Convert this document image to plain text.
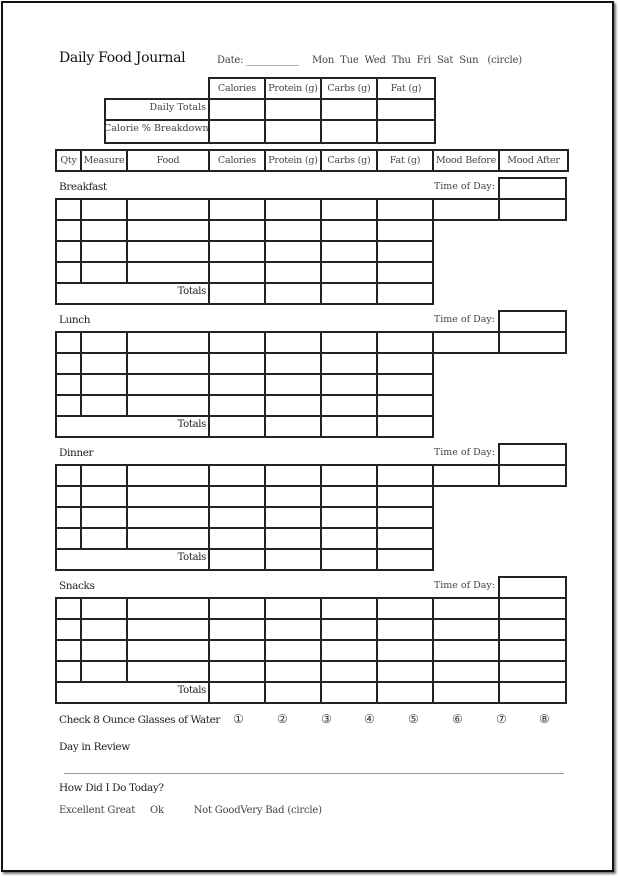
Daily Food Journal	Date: ___________ Mon Tue Wed Thu Fri Sat Sun (circle)
Calories	Protein (g)	Carbs (g)	Fat (g)
Daily Totals
Calorie % Breakdown
Qty Measure	Food	Calories	Protein (g)	Carbs (g)	Fat (g)	Mood Before	Mood After
Breakfast	Time of Day:
Totals
Lunch	Time of Day:
Totals
Dinner	Time of Day:
Totals
Snacks	Time of Day:
Totals
Check 8 Ounce Glasses of Water ①	②	③	④	⑤	⑥	⑦	⑧
Day in Review
How Did I Do Today?
Excellent Great     Ok          Not GoodVery Bad (circle)
